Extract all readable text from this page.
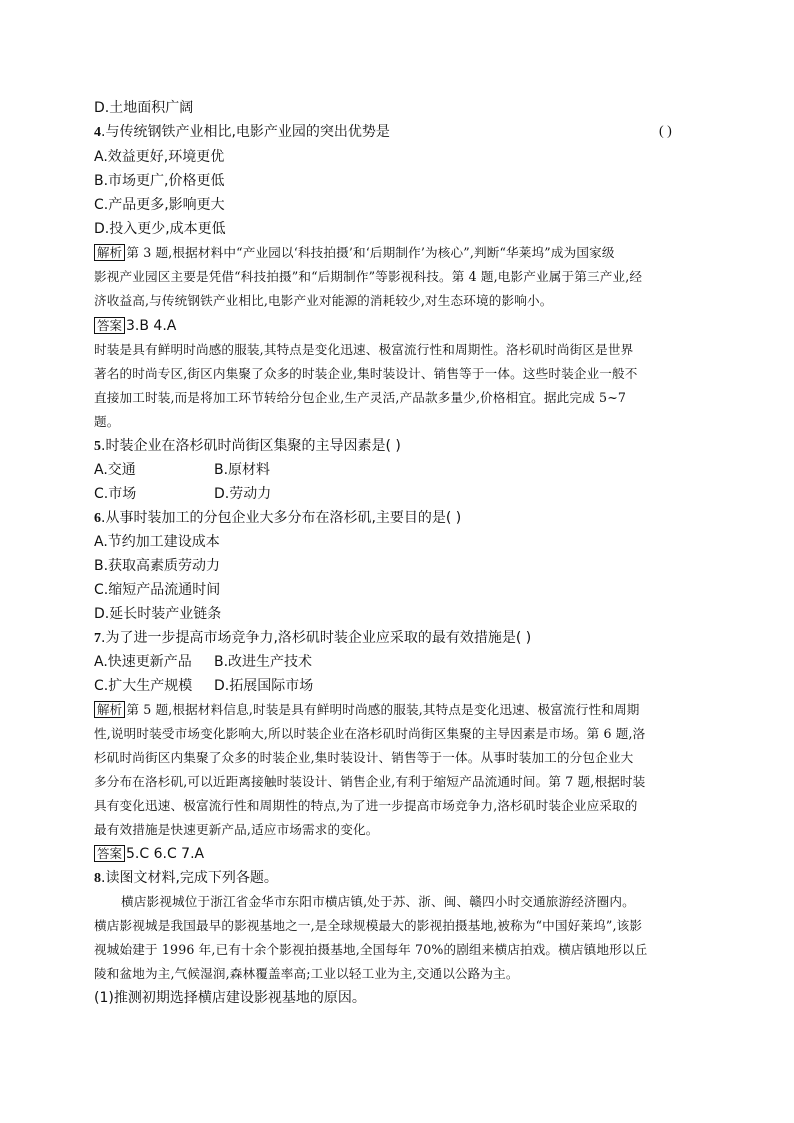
D.土地面积广阔
4.与传统钢铁产业相比,电影产业园的突出优势是	( )
A.效益更好,环境更优
B.市场更广,价格更低
C.产品更多,影响更大
D.投入更少,成本更低
解析 第 3 题,根据材料中“产业园以‘科技拍摄’和‘后期制作’为核心”,判断“华莱坞”成为国家级
影视产业园区主要是凭借“科技拍摄”和“后期制作”等影视科技。第 4 题,电影产业属于第三产业,经
济收益高,与传统钢铁产业相比,电影产业对能源的消耗较少,对生态环境的影响小。
答案 3.B 4.A
时装是具有鲜明时尚感的服装,其特点是变化迅速、极富流行性和周期性。洛杉矶时尚街区是世界
著名的时尚专区,街区内集聚了众多的时装企业,集时装设计、销售等于一体。这些时装企业一般不
直接加工时装,而是将加工环节转给分包企业,生产灵活,产品款多量少,价格相宜。据此完成 5~7
题。
5.时装企业在洛杉矶时尚街区集聚的主导因素是( )
A.交通	B.原材料
C.市场	D.劳动力
6.从事时装加工的分包企业大多分布在洛杉矶,主要目的是( )
A.节约加工建设成本
B.获取高素质劳动力
C.缩短产品流通时间
D.延长时装产业链条
7.为了进一步提高市场竞争力,洛杉矶时装企业应采取的最有效措施是( )
A.快速更新产品 B.改进生产技术
C.扩大生产规模 D.拓展国际市场
解析 第 5 题,根据材料信息,时装是具有鲜明时尚感的服装,其特点是变化迅速、极富流行性和周期
性,说明时装受市场变化影响大,所以时装企业在洛杉矶时尚街区集聚的主导因素是市场。第 6 题,洛
杉矶时尚街区内集聚了众多的时装企业,集时装设计、销售等于一体。从事时装加工的分包企业大
多分布在洛杉矶,可以近距离接触时装设计、销售企业,有利于缩短产品流通时间。第 7 题,根据时装
具有变化迅速、极富流行性和周期性的特点,为了进一步提高市场竞争力,洛杉矶时装企业应采取的
最有效措施是快速更新产品,适应市场需求的变化。
答案 5.C 6.C 7.A
8.读图文材料,完成下列各题。
横店影视城位于浙江省金华市东阳市横店镇,处于苏、浙、闽、赣四小时交通旅游经济圈内。
横店影视城是我国最早的影视基地之一,是全球规模最大的影视拍摄基地,被称为“中国好莱坞”,该影
视城始建于 1996 年,已有十余个影视拍摄基地,全国每年 70%的剧组来横店拍戏。横店镇地形以丘
陵和盆地为主,气候湿润,森林覆盖率高;工业以轻工业为主,交通以公路为主。
(1)推测初期选择横店建设影视基地的原因。
